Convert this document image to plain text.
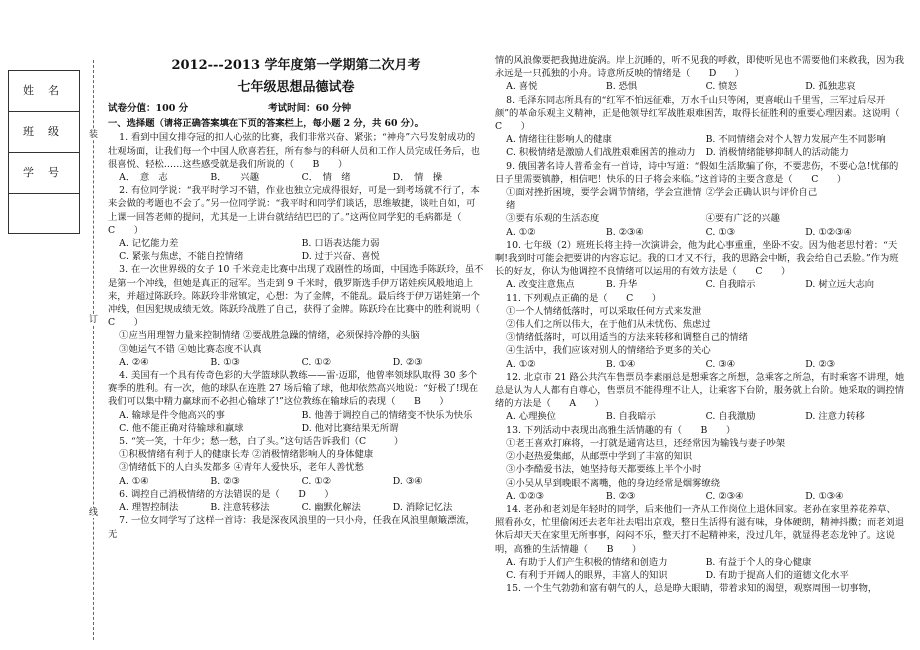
姓名
班级
学号
装
订
线
2012---2013 学年度第一学期第二次月考
七年级思想品德试卷
试卷分值：100 分	考试时间：60 分钟
一、选择题（请将正确答案填在下页的答案栏上，每小题 2 分，共 60 分）。

1. 看到中国女排夺冠的扣人心弦的比赛，我们非常兴奋、紧张；“神舟”六号发射成功的壮观场面，让我们每一个中国人欣喜若狂，所有参与的科研人员和工作人员完成任务后，也很喜悦、轻松……这些感受就是我们所说的（　　B　　）

A．　意　志	B．　　兴趣	C．　情　绪	D．　情　操

2. 有位同学说：“我平时学习不错，作业也独立完成得很好，可是一到考场就不行了，本来会做的考题也不会了。”另一位同学说：“我平时和同学们谈话，思维敏捷，谈吐自如，可上课一回答老师的提问，尤其是一上讲台就结结巴巴的了。”这两位同学犯的毛病都是（　　C　　）

A. 记忆能力差	B. 口语表达能力弱
C. 紧张与焦虑，不能自控情绪	D. 过于兴奋、喜悦

3. 在一次世界级的女子 10 千米竞走比赛中出现了戏剧性的场面，中国选手陈跃玲，虽不是第一个冲线，但她是真正的冠军。当走到 9 千米时，俄罗斯选手伊万诺娃疾风般地追上来，并超过陈跃玲。陈跃玲非常镇定，心想：为了金牌，不能乱。最后终于伊万诺娃第一个冲线，但因犯规成绩无效。陈跃玲战胜了自己，获得了金牌。陈跃玲在比赛中的胜利说明（　　C　　）

①应当用理智力量来控制情绪 ②要战胜急躁的情绪，必须保持冷静的头脑

③她运气不错 ④她比赛态度不认真

A. ②④	B. ①③	C. ①②	D. ②③

4. 美国有一个具有传奇色彩的大学篮球队教练——雷·迈耶，他曾率领球队取得 30 多个赛季的胜利。有一次，他的球队在连胜 27 场后输了球，他却依然高兴地说：“好极了!现在我们可以集中精力赢球而不必担心输球了!”这位教练在输球后的表现（　　B　　）

A. 输球是件令他高兴的事	B. 他善于调控自己的情绪变不快乐为快乐
C. 他不能正确对待输球和赢球	D. 他对比赛结果无所谓

5. “笑一笑，十年少；愁一愁，白了头。”这句话告诉我们（C　　　）

①积极情绪有利于人的健康长寿 ②消极情绪影响人的身体健康

③情绪低下的人白头发都多 ④青年人爱快乐，老年人善忧愁

A. ①④	B. ②③	C. ①②	D. ③④

6. 调控自己消极情绪的方法错误的是（　　D　　）

A. 理智控制法	B. 注意转移法	C. 幽默化解法	D. 消除记忆法

7. 一位女同学写了这样一首诗：我是深夜风浪里的一只小舟，任我在风浪里颠簸漂流，无

情的风浪像要把我抛进旋涡。岸上沉睡的，听不见我的呼救，即使听见也不需要他们来救我，因为我永远是一只孤独的小舟。诗意所反映的情绪是（　　D　　）

A. 喜悦	B. 恐惧	C. 愤怒	D. 孤独悲哀

8. 毛泽东同志所具有的“红军不怕远征难，万水千山只等闲，更喜岷山千里雪，三军过后尽开颜”的革命乐观主义精神，正是他领导红军战胜艰难困苦，取得长征胜利的重要心理因素。这说明（　　C　　）

A. 情绪往往影响人的健康	B. 不同情绪会对个人智力发展产生不同影响
C. 积极情绪是激励人们战胜艰难困苦的推动力	D. 消极情绪能够抑制人的活动能力

9. 俄国著名诗人普希金有一首诗，诗中写道：“假如生活欺骗了你，不要悲伤，不要心急!忧郁的日子里需要镇静，相信吧！快乐的日子将会来临。”这首诗的主要含意是（　　C　　）

①面对挫折困境，要学会调节情绪，学会宣泄情绪
②学会正确认识与评价自己
③要有乐观的生活态度	④要有广泛的兴趣
A. ①②	B. ②③④	C. ①③	D. ①②③④

10. 七年级（2）班班长将主持一次演讲会，他为此心事重重，坐卧不安。因为他老思忖着：“天啊!我到时可能会把要讲的内容忘记。我的口才又不行，我的思路会中断，我会给自己丢脸。”作为班长的好友，你认为他调控不良情绪可以运用的有效方法是（　　C　　）

A. 改变注意焦点	B. 升华	C. 自我暗示	D. 树立远大志向

11. 下列观点正确的是（　　C　　）

①一个人情绪低落时，可以采取任何方式来发泄

②伟人们之所以伟大，在于他们从未忧伤、焦虑过

③情绪低落时，可以用适当的方法来转移和调整自己的情绪

④生活中，我们应该对别人的情绪给予更多的关心

A. ①②	B. ①④	C. ③④	D. ②③

12. 北京市 21 路公共汽车售票员李素丽总是想乘客之所想，急乘客之所急，有时乘客不讲理，她总是认为人人都有自尊心，售票员不能得理不让人，让乘客下台阶，服务就上台阶。她采取的调控情绪的方法是（　　A　　）

A. 心理换位	B. 自我暗示	C. 自我激励	D. 注意力转移

13. 下列活动中表现出高雅生活情趣的有（　　B　　）

①老王喜欢打麻将，一打就是通宵达旦，还经常因为输钱与妻子吵架

②小赵热爱集邮，从邮票中学到了丰富的知识

③小李酷爱书法，她坚持每天都要练上半个小时

④小吴从早到晚眼不离嘴，他的身边经常是烟雾缭绕

A. ①②③	B. ②③	C. ②③④	D. ①③④

14. 老孙和老刘是年轻时的同学，后来他们一齐从工作岗位上退休回家。老孙在家里养花养草、照看孙女，忙里偷闲还去老年社去唱出京戏，整日生活得有滋有味，身体硬朗，精神抖擞；而老刘退休后却天天在家里无所事事，闷闷不乐，整天打不起精神来，没过几年，就显得老态龙钟了。这说明，高雅的生活情趣（　　B　　）

A. 有助于人们产生积极的情绪和创造力	B. 有益于个人的身心健康
C. 有利于开阔人的眼界，丰富人的知识	D. 有助于提高人们的道德文化水平

15. 一个生气勃勃和富有朝气的人，总是睁大眼睛，带着求知的渴望，观察周围一切事物，
